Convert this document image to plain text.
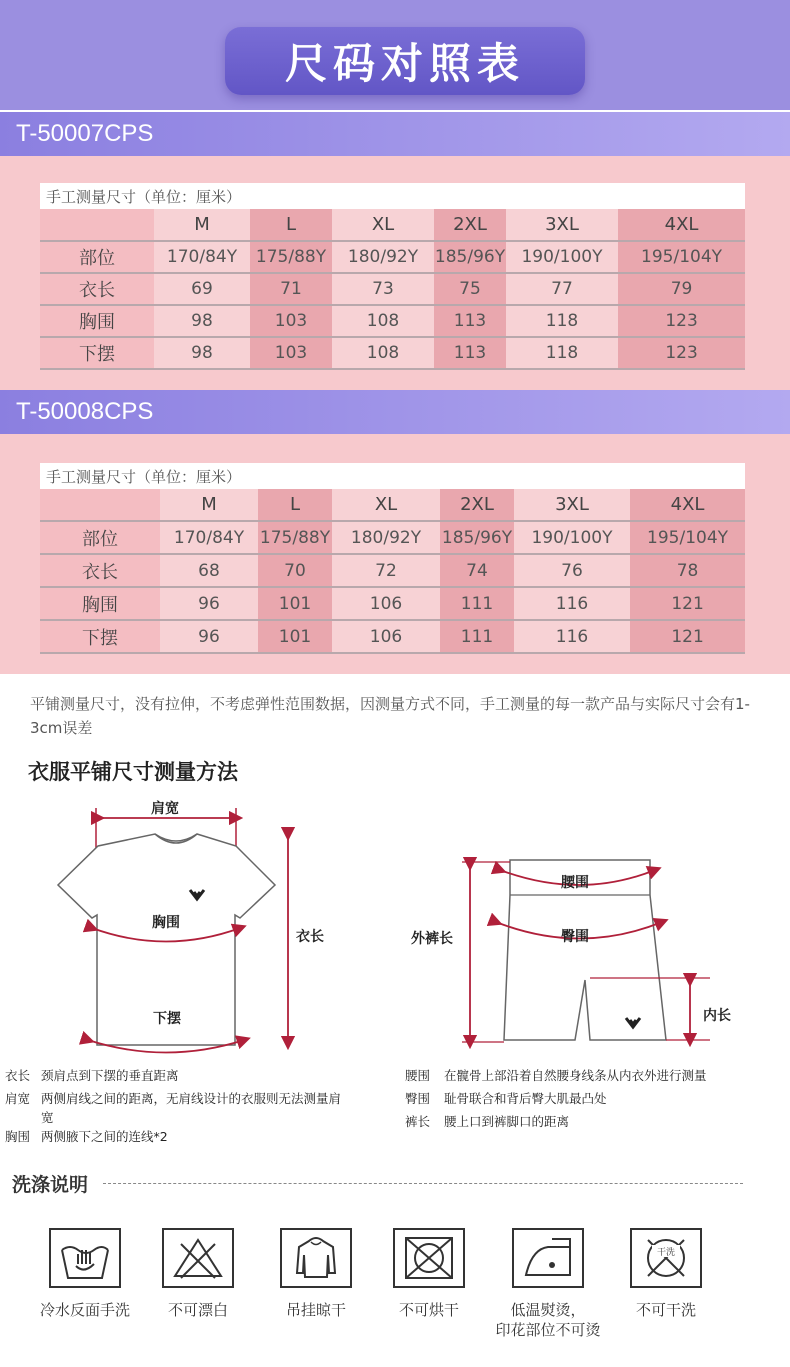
尺码对照表
T-50007CPS
手工测量尺寸（单位：厘米）						
	M	L	XL	2XL	3XL	4XL
部位	170/84Y	175/88Y	180/92Y	185/96Y	190/100Y	195/104Y
衣长	69	71	73	75	77	79
胸围	98	103	108	113	118	123
下摆	98	103	108	113	118	123
T-50008CPS
手工测量尺寸（单位：厘米）						
	M	L	XL	2XL	3XL	4XL
部位	170/84Y	175/88Y	180/92Y	185/96Y	190/100Y	195/104Y
衣长	68	70	72	74	76	78
胸围	96	101	106	111	116	121
下摆	96	101	106	111	116	121
平铺测量尺寸，没有拉伸，不考虑弹性范围数据，因测量方式不同，手工测量的每一款产品与实际尺寸会有1-3cm误差
衣服平铺尺寸测量方法
肩宽
胸围
衣长
下摆
腰围
臀围
外裤长
内长
衣长 颈肩点到下摆的垂直距离
肩宽 两侧肩线之间的距离，无肩线设计的衣服则无法测量肩宽
胸围 两侧腋下之间的连线*2
腰围	在髋骨上部沿着自然腰身线条从内衣外进行测量
臀围	耻骨联合和背后臀大肌最凸处
裤长	腰上口到裤脚口的距离
洗涤说明
干洗
冷水反面手洗	不可漂白	吊挂晾干	不可烘干	低温熨烫，
印花部位不可烫
不可干洗
